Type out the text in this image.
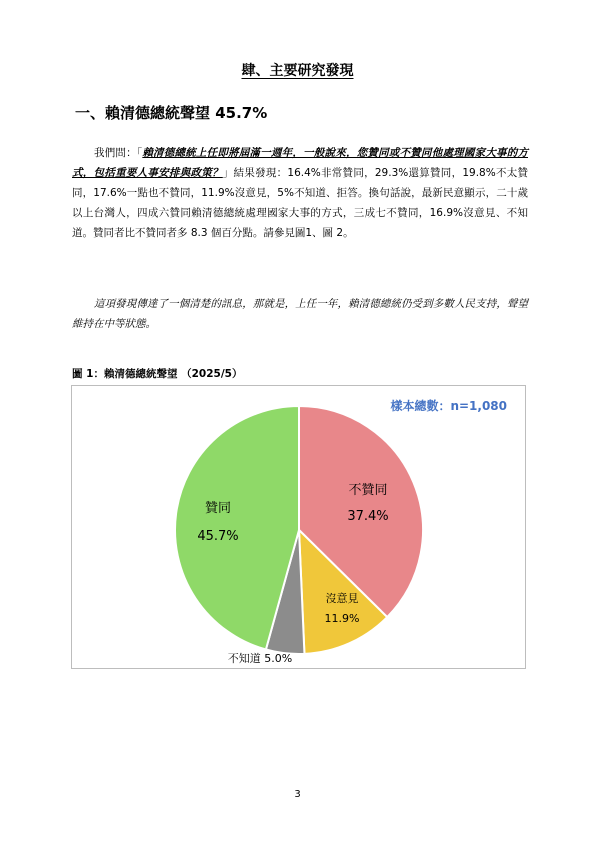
肆、主要研究發現
一、賴清德總統聲望 45.7%
我們問：「賴清德總統上任即將屆滿一週年，一般說來，您贊同或不贊同他處理國家大事的方式，包括重要人事安排與政策？」結果發現：16.4%非常贊同，29.3%還算贊同，19.8%不太贊同，17.6%一點也不贊同，11.9%沒意見，5%不知道、拒答。換句話說，最新民意顯示，二十歲以上台灣人，四成六贊同賴清德總統處理國家大事的方式，三成七不贊同，16.9%沒意見、不知道。贊同者比不贊同者多 8.3 個百分點。請參見圖1、圖 2。
這項發現傳達了一個清楚的訊息，那就是，上任一年，賴清德總統仍受到多數人民支持，聲望維持在中等狀態。
圖 1：賴清德總統聲望 （2025/5）
樣本總數：n=1,080
不贊同
37.4%
沒意見
11.9%
不知道 5.0%
贊同
45.7%
3
